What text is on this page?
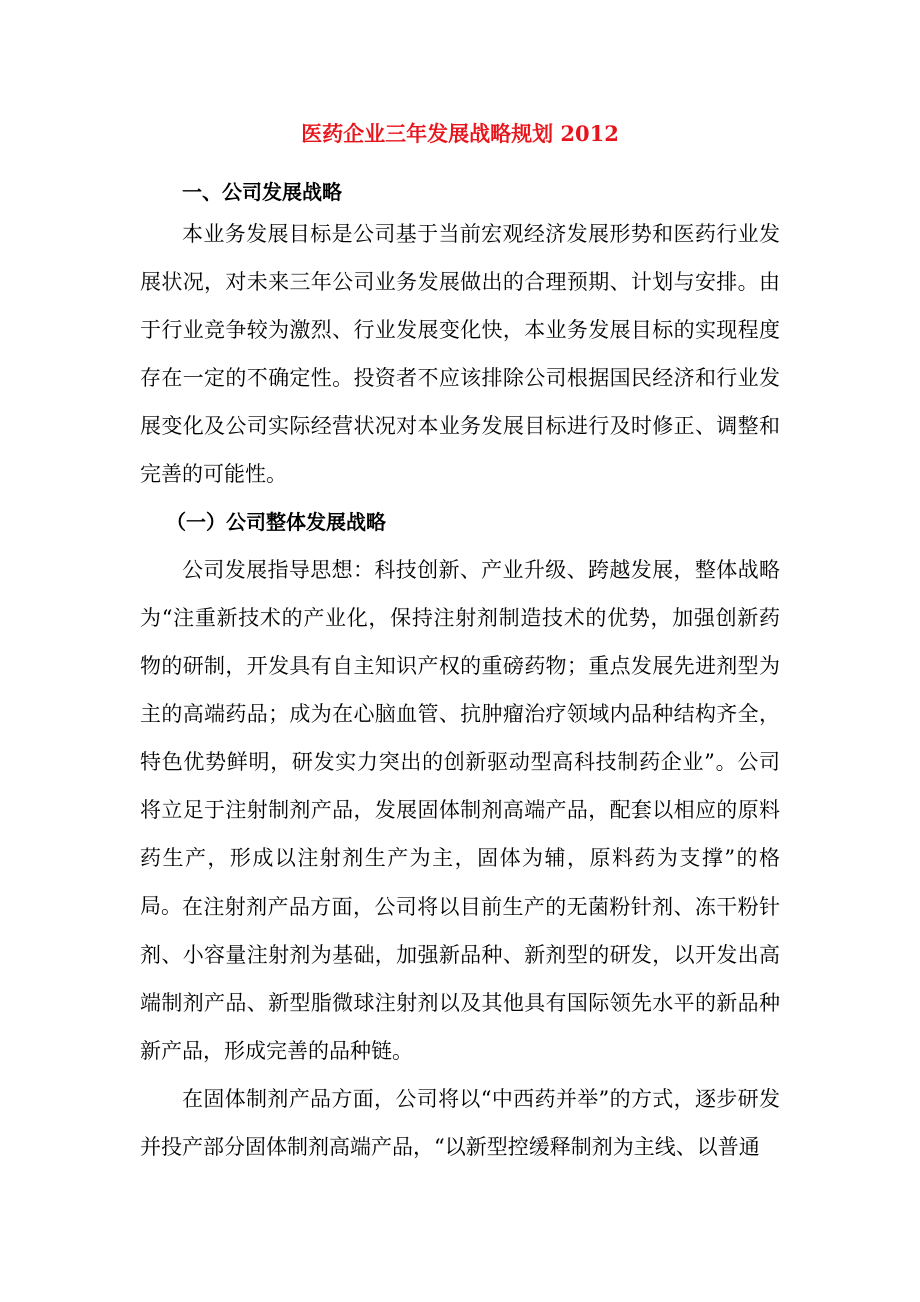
医药企业三年发展战略规划 2012

一、公司发展战略

本业务发展目标是公司基于当前宏观经济发展形势和医药行业发展状况，对未来三年公司业务发展做出的合理预期、计划与安排。由于行业竞争较为激烈、行业发展变化快，本业务发展目标的实现程度存在一定的不确定性。投资者不应该排除公司根据国民经济和行业发展变化及公司实际经营状况对本业务发展目标进行及时修正、调整和完善的可能性。

（一）公司整体发展战略

公司发展指导思想：科技创新、产业升级、跨越发展，整体战略为“注重新技术的产业化，保持注射剂制造技术的优势，加强创新药物的研制，开发具有自主知识产权的重磅药物；重点发展先进剂型为主的高端药品；成为在心脑血管、抗肿瘤治疗领域内品种结构齐全，特色优势鲜明，研发实力突出的创新驱动型高科技制药企业”。公司将立足于注射制剂产品，发展固体制剂高端产品，配套以相应的原料药生产，形成以注射剂生产为主，固体为辅，原料药为支撑”的格局。 在注射剂产品方面，公司将以目前生产的无菌粉针剂、冻干粉针剂、小容量注射剂为基础，加强新品种、新剂型的研发，以开发出高端制剂产品、新型脂微球注射剂以及其他具有国际领先水平的新品种新产品，形成完善的品种链。

在固体制剂产品方面，公司将以“中西药并举”的方式，逐步研发并投产部分固体制剂高端产品，“以新型控缓释制剂为主线、以普通
